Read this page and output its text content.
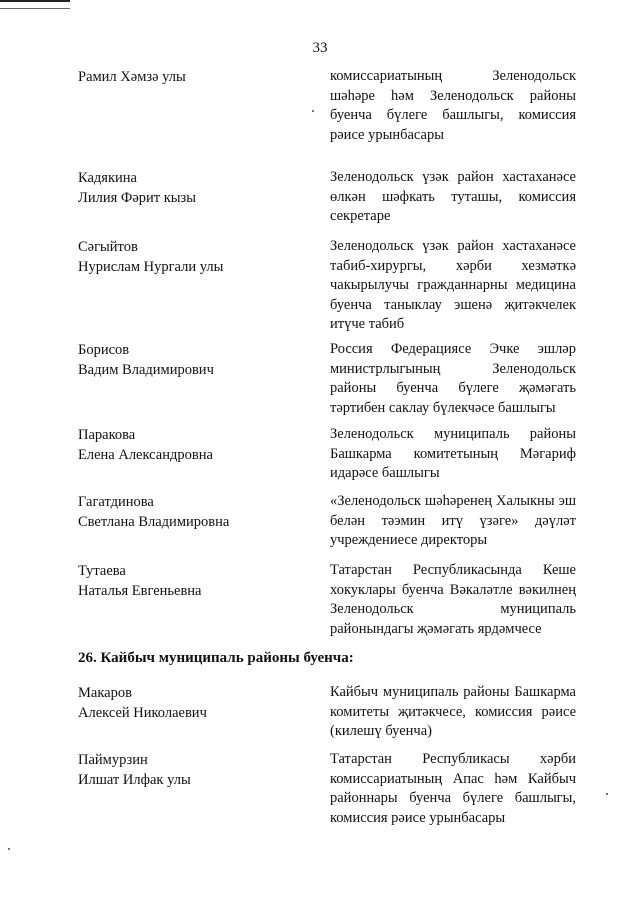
33
Рамил Хәмзә улы	комиссариатының Зеленодольск шәһәре һәм Зеленодольск районы буенча бүлеге башлыгы, комиссия рәисе урынбасары
Кадякина
Лилия Фәрит кызы
Зеленодольск үзәк район хастаханәсе өлкән шәфкать туташы, комиссия секретаре
Сәгыйтов
Нурислам Нургали улы
Зеленодольск үзәк район хастаханәсе табиб-хирургы, хәрби хезмәткә чакырылучы гражданнарны медицина буенча таныклау эшенә җитәкчелек итүче табиб
Борисов
Вадим Владимирович
Россия Федерациясе Эчке эшләр министрлыгының Зеленодольск районы буенча бүлеге җәмәгать тәртибен саклау бүлекчәсе башлыгы
Паракова
Елена Александровна
Зеленодольск муниципаль районы Башкарма комитетының Мәгариф идарәсе башлыгы
Гагатдинова
Светлана Владимировна
«Зеленодольск шәһәренең Халыкны эш белән тәэмин итү үзәге» дәүләт учреждениесе директоры
Тутаева
Наталья Евгеньевна
Татарстан Республикасында Кеше хокуклары буенча Вәкаләтле вәкилнең Зеленодольск муниципаль районындагы җәмәгать ярдәмчесе
26. Кайбыч муниципаль районы буенча:
Макаров
Алексей Николаевич
Кайбыч муниципаль районы Башкарма комитеты җитәкчесе, комиссия рәисе (килешү буенча)
Паймурзин
Илшат Илфак улы
Татарстан Республикасы хәрби комиссариатының Апас һәм Кайбыч районнары буенча бүлеге башлыгы, комиссия рәисе урынбасары
